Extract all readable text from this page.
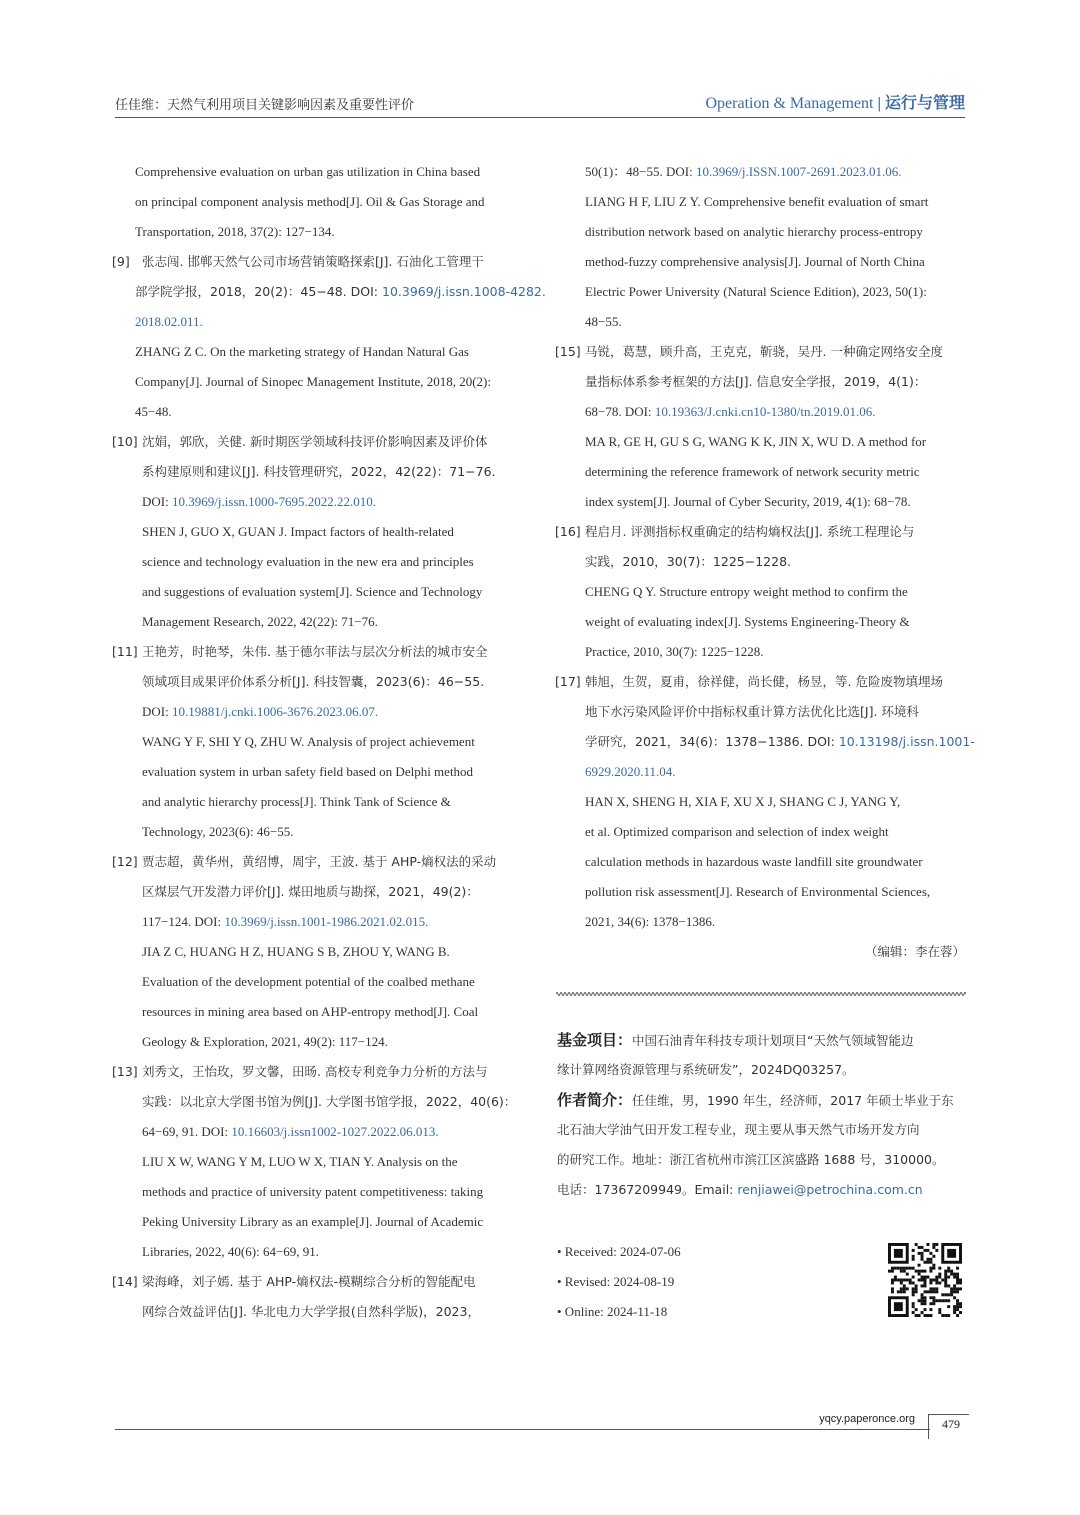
任佳维：天然气利用项目关键影响因素及重要性评价	Operation & Management | 运行与管理
Comprehensive evaluation on urban gas utilization in China based
on principal component analysis method[J]. Oil & Gas Storage and
Transportation, 2018, 37(2): 127−134.
[9] 张志闯. 邯郸天然气公司市场营销策略探索[J]. 石油化工管理干
部学院学报，2018，20(2)：45−48. DOI: 10.3969/j.issn.1008-4282.
2018.02.011.
ZHANG Z C. On the marketing strategy of Handan Natural Gas
Company[J]. Journal of Sinopec Management Institute, 2018, 20(2):
45−48.
[10] 沈娟，郭欣，关健. 新时期医学领域科技评价影响因素及评价体
系构建原则和建议[J]. 科技管理研究，2022，42(22)：71−76.
DOI: 10.3969/j.issn.1000-7695.2022.22.010.
SHEN J, GUO X, GUAN J. Impact factors of health-related
science and technology evaluation in the new era and principles
and suggestions of evaluation system[J]. Science and Technology
Management Research, 2022, 42(22): 71−76.
[11] 王艳芳，时艳琴，朱伟. 基于德尔菲法与层次分析法的城市安全
领域项目成果评价体系分析[J]. 科技智囊，2023(6)：46−55.
DOI: 10.19881/j.cnki.1006-3676.2023.06.07.
WANG Y F, SHI Y Q, ZHU W. Analysis of project achievement
evaluation system in urban safety field based on Delphi method
and analytic hierarchy process[J]. Think Tank of Science &
Technology, 2023(6): 46−55.
[12] 贾志超，黄华州，黄绍博，周宇，王波. 基于 AHP-熵权法的采动
区煤层气开发潜力评价[J]. 煤田地质与勘探，2021，49(2)：
117−124. DOI: 10.3969/j.issn.1001-1986.2021.02.015.
JIA Z C, HUANG H Z, HUANG S B, ZHOU Y, WANG B.
Evaluation of the development potential of the coalbed methane
resources in mining area based on AHP-entropy method[J]. Coal
Geology & Exploration, 2021, 49(2): 117−124.
[13] 刘秀文，王怡玫，罗文馨，田旸. 高校专利竞争力分析的方法与
实践：以北京大学图书馆为例[J]. 大学图书馆学报，2022，40(6)：
64−69, 91. DOI: 10.16603/j.issn1002-1027.2022.06.013.
LIU X W, WANG Y M, LUO W X, TIAN Y. Analysis on the
methods and practice of university patent competitiveness: taking
Peking University Library as an example[J]. Journal of Academic
Libraries, 2022, 40(6): 64−69, 91.
[14] 梁海峰，刘子嫣. 基于 AHP-熵权法-模糊综合分析的智能配电
网综合效益评估[J]. 华北电力大学学报(自然科学版)，2023，
50(1)：48−55. DOI: 10.3969/j.ISSN.1007-2691.2023.01.06.
LIANG H F, LIU Z Y. Comprehensive benefit evaluation of smart
distribution network based on analytic hierarchy process-entropy
method-fuzzy comprehensive analysis[J]. Journal of North China
Electric Power University (Natural Science Edition), 2023, 50(1):
48−55.
[15] 马锐，葛慧，顾升高，王克克，靳骁，吴丹. 一种确定网络安全度
量指标体系参考框架的方法[J]. 信息安全学报，2019，4(1)：
68−78. DOI: 10.19363/J.cnki.cn10-1380/tn.2019.01.06.
MA R, GE H, GU S G, WANG K K, JIN X, WU D. A method for
determining the reference framework of network security metric
index system[J]. Journal of Cyber Security, 2019, 4(1): 68−78.
[16] 程启月. 评测指标权重确定的结构熵权法[J]. 系统工程理论与
实践，2010，30(7)：1225−1228.
CHENG Q Y. Structure entropy weight method to confirm the
weight of evaluating index[J]. Systems Engineering-Theory &
Practice, 2010, 30(7): 1225−1228.
[17] 韩旭，生贺，夏甫，徐祥健，尚长健，杨昱，等. 危险废物填埋场
地下水污染风险评价中指标权重计算方法优化比选[J]. 环境科
学研究，2021，34(6)：1378−1386. DOI: 10.13198/j.issn.1001-
6929.2020.11.04.
HAN X, SHENG H, XIA F, XU X J, SHANG C J, YANG Y,
et al. Optimized comparison and selection of index weight
calculation methods in hazardous waste landfill site groundwater
pollution risk assessment[J]. Research of Environmental Sciences,
2021, 34(6): 1378−1386.
（编辑：李在蓉）
基金项目：中国石油青年科技专项计划项目“天然气领域智能边
缘计算网络资源管理与系统研发”，2024DQ03257。
作者简介：任佳维，男，1990 年生，经济师，2017 年硕士毕业于东
北石油大学油气田开发工程专业，现主要从事天然气市场开发方向
的研究工作。地址：浙江省杭州市滨江区滨盛路 1688 号，310000。
电话：17367209949。Email: renjiawei@petrochina.com.cn
• Received: 2024-07-06
• Revised: 2024-08-19
• Online: 2024-11-18
yqcy.paperonce.org 479
